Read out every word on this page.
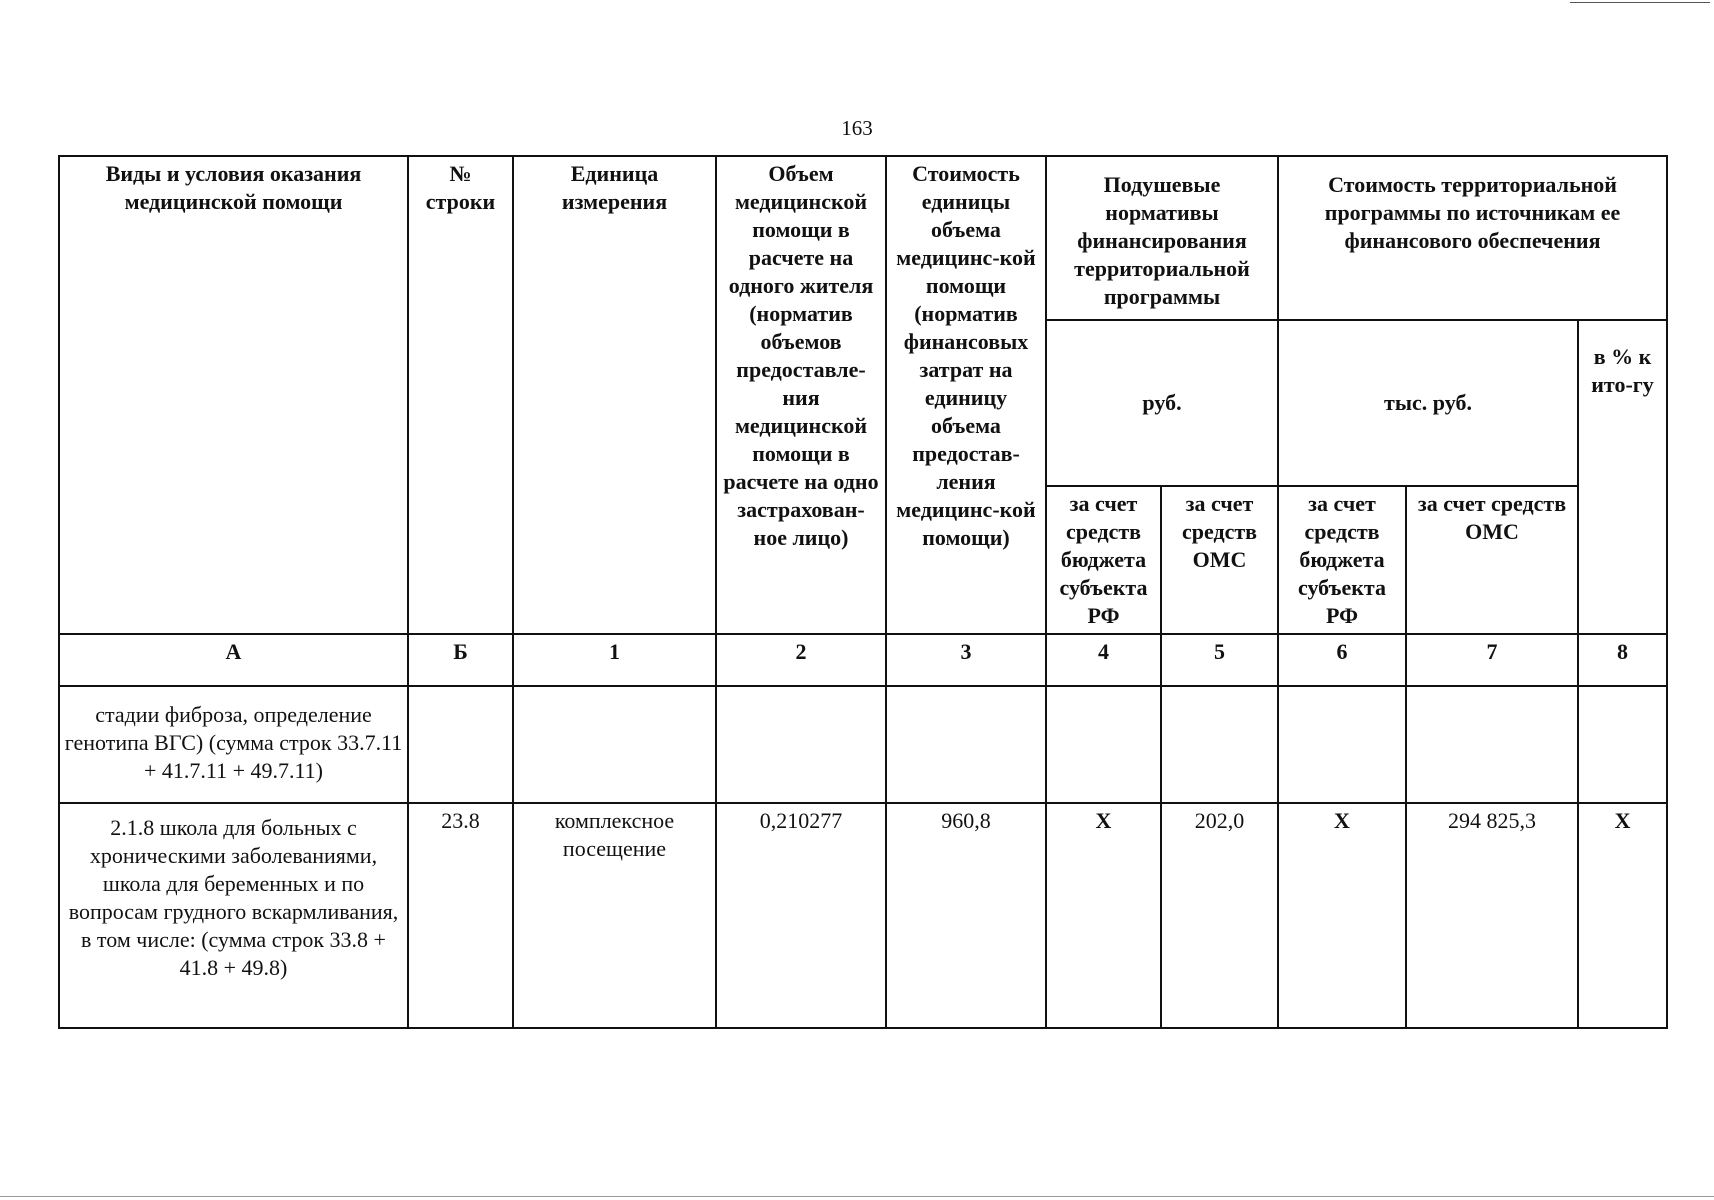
163
Виды и условия оказания медицинской помощи	№ строки	Единица измерения	Объем медицинской помощи в расчете на одного жителя (норматив объемов предоставле-ния медицинской помощи в расчете на одно застрахован-ное лицо)	Стоимость единицы объема медицинс-кой помощи (норматив финансовых затрат на единицу объема предостав-ления медицинс-кой помощи)	Подушевые нормативы финансирования территориальной программы		Стоимость территориальной программы по источникам ее финансового обеспечения		
					руб.		тыс. руб.		в % к ито-гу
					за счет средств бюджета субъекта РФ	за счет средств ОМС	за счет средств бюджета субъекта РФ	за счет средств ОМС	
А	Б	1	2	3	4	5	6	7	8
стадии фиброза, определение генотипа ВГС) (сумма строк 33.7.11 + 41.7.11 + 49.7.11)									
2.1.8 школа для больных с хроническими заболеваниями, школа для беременных и по вопросам грудного вскармливания, в том числе: (сумма строк 33.8 + 41.8 + 49.8)	23.8	комплексное посещение	0,210277	960,8	Х	202,0	Х	294 825,3	Х
